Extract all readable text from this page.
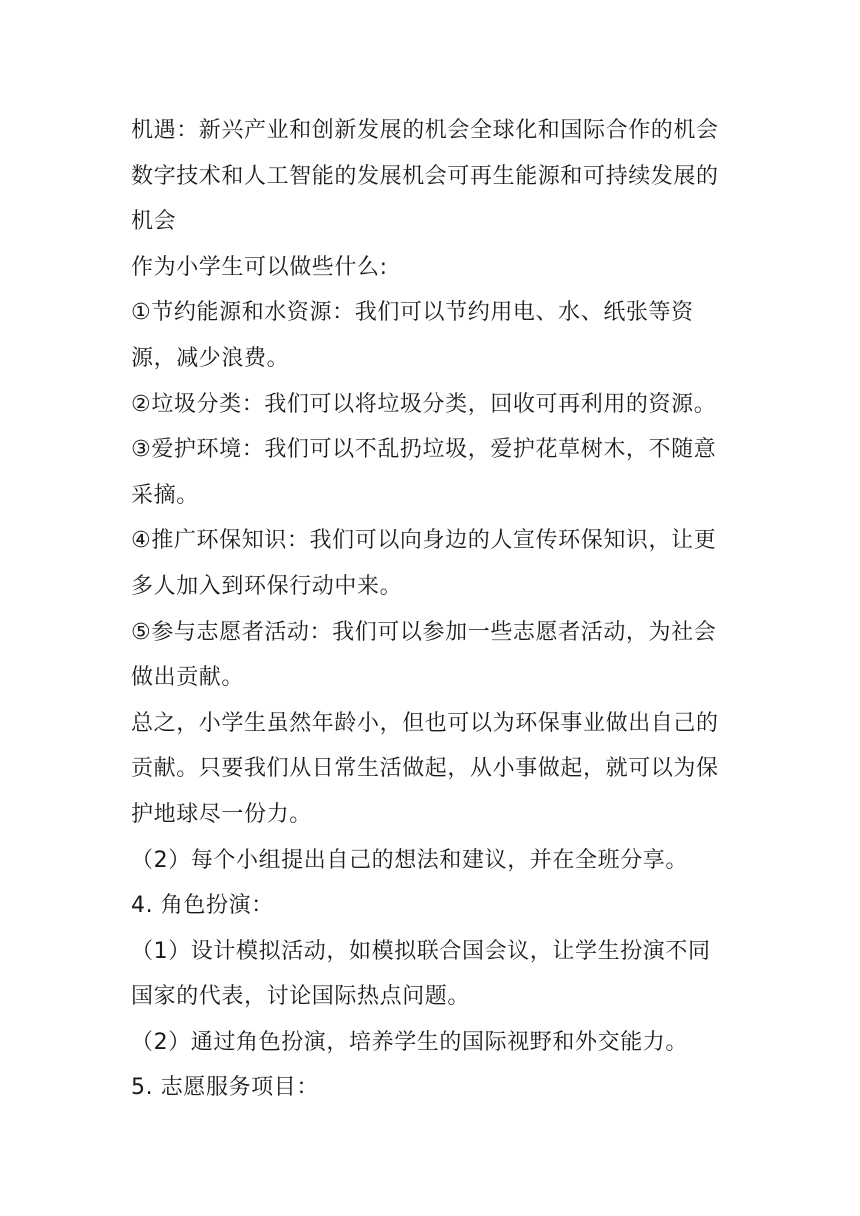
机遇：新兴产业和创新发展的机会全球化和国际合作的机会数字技术和人工智能的发展机会可再生能源和可持续发展的机会

作为小学生可以做些什么:

①节约能源和水资源：我们可以节约用电、水、纸张等资源，减少浪费。

②垃圾分类：我们可以将垃圾分类，回收可再利用的资源。

③爱护环境：我们可以不乱扔垃圾，爱护花草树木，不随意采摘。

④推广环保知识：我们可以向身边的人宣传环保知识，让更多人加入到环保行动中来。

⑤参与志愿者活动：我们可以参加一些志愿者活动，为社会做出贡献。

总之，小学生虽然年龄小，但也可以为环保事业做出自己的贡献。只要我们从日常生活做起，从小事做起，就可以为保护地球尽一份力。

（2）每个小组提出自己的想法和建议，并在全班分享。

4. 角色扮演：

（1）设计模拟活动，如模拟联合国会议，让学生扮演不同国家的代表，讨论国际热点问题。

（2）通过角色扮演，培养学生的国际视野和外交能力。

5. 志愿服务项目：
